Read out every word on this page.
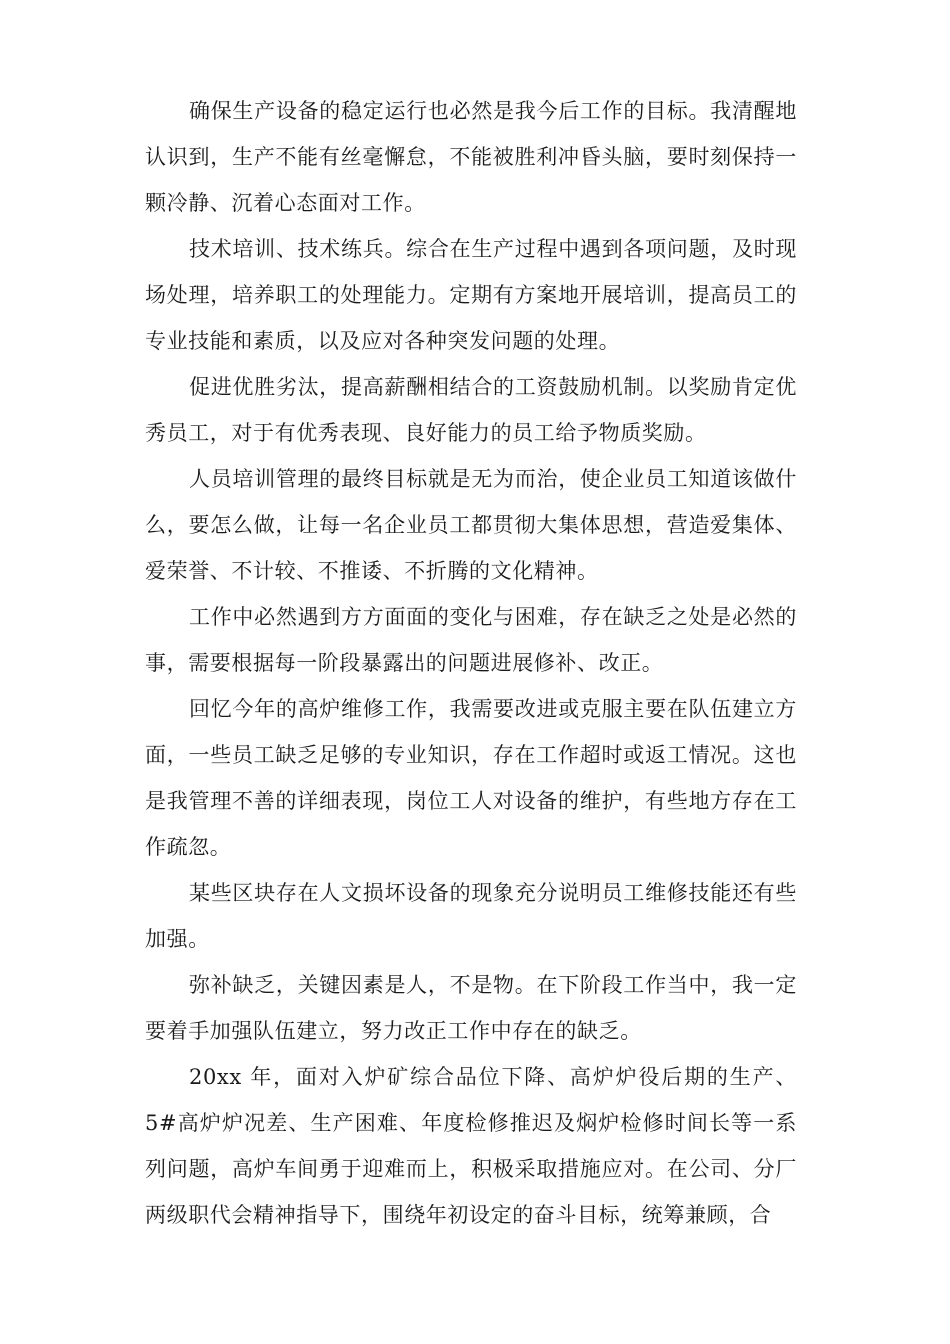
确保生产设备的稳定运行也必然是我今后工作的目标。我清醒地认识到，生产不能有丝毫懈怠，不能被胜利冲昏头脑，要时刻保持一颗冷静、沉着心态面对工作。

技术培训、技术练兵。综合在生产过程中遇到各项问题，及时现场处理，培养职工的处理能力。定期有方案地开展培训，提高员工的专业技能和素质，以及应对各种突发问题的处理。

促进优胜劣汰，提高薪酬相结合的工资鼓励机制。以奖励肯定优秀员工，对于有优秀表现、良好能力的员工给予物质奖励。

人员培训管理的最终目标就是无为而治，使企业员工知道该做什么，要怎么做，让每一名企业员工都贯彻大集体思想，营造爱集体、爱荣誉、不计较、不推诿、不折腾的文化精神。

工作中必然遇到方方面面的变化与困难，存在缺乏之处是必然的事，需要根据每一阶段暴露出的问题进展修补、改正。

回忆今年的高炉维修工作，我需要改进或克服主要在队伍建立方面，一些员工缺乏足够的专业知识，存在工作超时或返工情况。这也是我管理不善的详细表现，岗位工人对设备的维护，有些地方存在工作疏忽。

某些区块存在人文损坏设备的现象充分说明员工维修技能还有些加强。

弥补缺乏，关键因素是人，不是物。在下阶段工作当中，我一定要着手加强队伍建立，努力改正工作中存在的缺乏。

20xx 年，面对入炉矿综合品位下降、高炉炉役后期的生产、5#高炉炉况差、生产困难、年度检修推迟及焖炉检修时间长等一系列问题，高炉车间勇于迎难而上，积极采取措施应对。在公司、分厂两级职代会精神指导下，围绕年初设定的奋斗目标，统筹兼顾，合
